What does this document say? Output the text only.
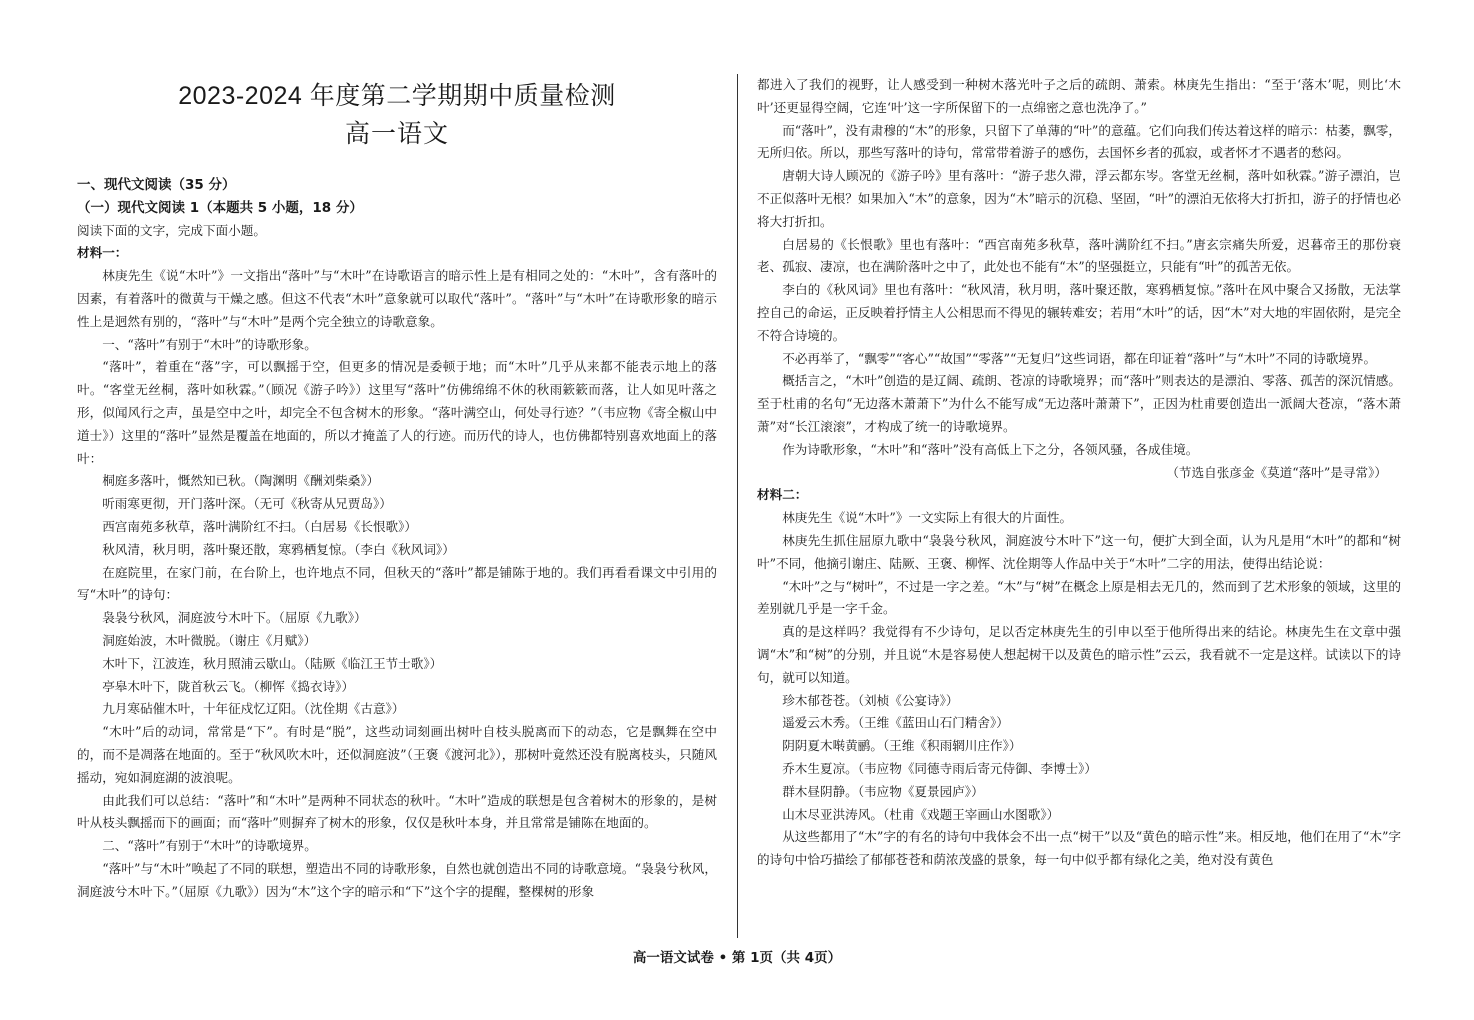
2023-2024 年度第二学期期中质量检测
高一语文

一、现代文阅读（35 分）

（一）现代文阅读 1（本题共 5 小题，18 分）

阅读下面的文字，完成下面小题。

材料一：

林庚先生《说“木叶”》一文指出“落叶”与“木叶”在诗歌语言的暗示性上是有相同之处的：“木叶”，含有落叶的因素，有着落叶的微黄与干燥之感。但这不代表“木叶”意象就可以取代“落叶”。“落叶”与“木叶”在诗歌形象的暗示性上是迥然有别的，“落叶”与“木叶”是两个完全独立的诗歌意象。

一、“落叶”有别于“木叶”的诗歌形象。

“落叶”，着重在“落”字，可以飘摇于空，但更多的情况是委顿于地；而“木叶”几乎从来都不能表示地上的落叶。“客堂无丝桐，落叶如秋霖。”（顾况《游子吟》）这里写“落叶”仿佛绵绵不休的秋雨簌簌而落，让人如见叶落之形，似闻风行之声，虽是空中之叶，却完全不包含树木的形象。“落叶满空山，何处寻行迹？”（韦应物《寄全椒山中道士》）这里的“落叶”显然是覆盖在地面的，所以才掩盖了人的行迹。而历代的诗人，也仿佛都特别喜欢地面上的落叶：

桐庭多落叶，慨然知已秋。（陶渊明《酬刘柴桑》）

听雨寒更彻，开门落叶深。（无可《秋寄从兄贾岛》）

西宫南苑多秋草，落叶满阶红不扫。（白居易《长恨歌》）

秋风清，秋月明，落叶聚还散，寒鸦栖复惊。（李白《秋风词》）

在庭院里，在家门前，在台阶上，也许地点不同，但秋天的“落叶”都是铺陈于地的。我们再看看课文中引用的写“木叶”的诗句：

袅袅兮秋风，洞庭波兮木叶下。（屈原《九歌》）

洞庭始波，木叶微脱。（谢庄《月赋》）

木叶下，江波连，秋月照浦云歇山。（陆厥《临江王节士歌》）

亭皋木叶下，陇首秋云飞。（柳恽《捣衣诗》）

九月寒砧催木叶，十年征戍忆辽阳。（沈佺期《古意》）

“木叶”后的动词，常常是“下”。有时是“脱”，这些动词刻画出树叶自枝头脱离而下的动态，它是飘舞在空中的，而不是凋落在地面的。至于“秋风吹木叶，还似洞庭波”（王褒《渡河北》），那树叶竟然还没有脱离枝头，只随风摇动，宛如洞庭湖的波浪呢。

由此我们可以总结：“落叶”和“木叶”是两种不同状态的秋叶。“木叶”造成的联想是包含着树木的形象的，是树叶从枝头飘摇而下的画面；而“落叶”则摒弃了树木的形象，仅仅是秋叶本身，并且常常是铺陈在地面的。

二、“落叶”有别于“木叶”的诗歌境界。

“落叶”与“木叶”唤起了不同的联想，塑造出不同的诗歌形象，自然也就创造出不同的诗歌意境。“袅袅兮秋风，洞庭波兮木叶下。”（屈原《九歌》）因为“木”这个字的暗示和“下”这个字的提醒，整棵树的形象

都进入了我们的视野，让人感受到一种树木落光叶子之后的疏朗、萧索。林庚先生指出：“至于‘落木’呢，则比‘木叶’还更显得空阔，它连‘叶’这一字所保留下的一点绵密之意也洗净了。”

而“落叶”，没有肃穆的“木”的形象，只留下了单薄的“叶”的意蕴。它们向我们传达着这样的暗示：枯萎，飘零，无所归依。所以，那些写落叶的诗句，常常带着游子的感伤，去国怀乡者的孤寂，或者怀才不遇者的愁闷。

唐朝大诗人顾况的《游子吟》里有落叶：“游子悲久滞，浮云都东岑。客堂无丝桐，落叶如秋霖。”游子漂泊，岂不正似落叶无根？如果加入“木”的意象，因为“木”暗示的沉稳、坚固，“叶”的漂泊无依将大打折扣，游子的抒情也必将大打折扣。

白居易的《长恨歌》里也有落叶：“西宫南苑多秋草，落叶满阶红不扫。”唐玄宗痛失所爱，迟暮帝王的那份衰老、孤寂、凄凉，也在满阶落叶之中了，此处也不能有“木”的坚强挺立，只能有“叶”的孤苦无依。

李白的《秋风词》里也有落叶：“秋风清，秋月明，落叶聚还散，寒鸦栖复惊。”落叶在风中聚合又扬散，无法掌控自己的命运，正反映着抒情主人公相思而不得见的辗转难安；若用“木叶”的话，因“木”对大地的牢固依附，是完全不符合诗境的。

不必再举了，“飘零”“客心”“故国”“零落”“无复归”这些词语，都在印证着“落叶”与“木叶”不同的诗歌境界。

概括言之，“木叶”创造的是辽阔、疏朗、苍凉的诗歌境界；而“落叶”则表达的是漂泊、零落、孤苦的深沉情感。至于杜甫的名句“无边落木萧萧下”为什么不能写成“无边落叶萧萧下”，正因为杜甫要创造出一派阔大苍凉，“落木萧萧”对“长江滚滚”，才构成了统一的诗歌境界。

作为诗歌形象，“木叶”和“落叶”没有高低上下之分，各领风骚，各成佳境。

（节选自张彦金《莫道“落叶”是寻常》）

材料二：

林庚先生《说“木叶”》一文实际上有很大的片面性。

林庚先生抓住屈原九歌中“袅袅兮秋风，洞庭波兮木叶下”这一句，便扩大到全面，认为凡是用“木叶”的都和“树叶”不同，他摘引谢庄、陆厥、王褒、柳恽、沈佺期等人作品中关于“木叶”二字的用法，使得出结论说：

“木叶”之与“树叶”，不过是一字之差。“木”与“树”在概念上原是相去无几的，然而到了艺术形象的领域，这里的差别就几乎是一字千金。

真的是这样吗？我觉得有不少诗句，足以否定林庚先生的引申以至于他所得出来的结论。林庚先生在文章中强调“木”和“树”的分别，并且说“木是容易使人想起树干以及黄色的暗示性”云云，我看就不一定是这样。试读以下的诗句，就可以知道。

珍木郁苍苍。（刘桢《公宴诗》）

遥爱云木秀。（王维《蓝田山石门精舍》）

阴阴夏木啭黄鹂。（王维《积雨辋川庄作》）

乔木生夏凉。（韦应物《同德寺雨后寄元侍御、李博士》）

群木昼阴静。（韦应物《夏景园庐》）

山木尽亚洪涛风。（杜甫《戏题王宰画山水图歌》）

从这些都用了“木”字的有名的诗句中我体会不出一点“树干”以及“黄色的暗示性”来。相反地，他们在用了“木”字的诗句中恰巧描绘了郁郁苍苍和荫浓茂盛的景象，每一句中似乎都有绿化之美，绝对没有黄色

高一语文试卷 • 第 1页（共 4页）
